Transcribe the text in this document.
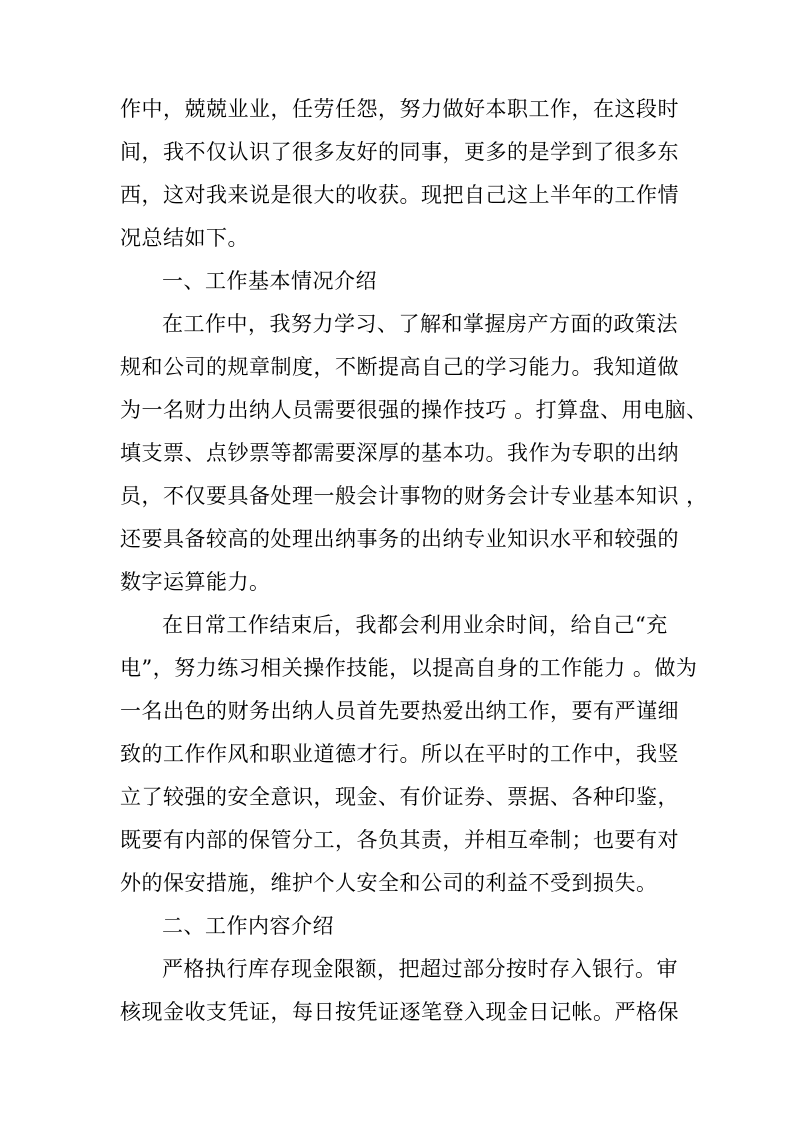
作中，兢兢业业，任劳任怨，努力做好本职工作，在这段时
间，我不仅认识了很多友好的同事，更多的是学到了很多东
西，这对我来说是很大的收获。现把自己这上半年的工作情
况总结如下。
一、工作基本情况介绍
在工作中，我努力学习、了解和掌握房产方面的政策法
规和公司的规章制度，不断提高自己的学习能力。我知道做
为一名财力出纳人员需要很强的操作技巧 。打算盘、用电脑、
填支票、点钞票等都需要深厚的基本功。我作为专职的出纳
员，不仅要具备处理一般会计事物的财务会计专业基本知识 ，
还要具备较高的处理出纳事务的出纳专业知识水平和较强的
数字运算能力。
在日常工作结束后，我都会利用业余时间，给自己“充
电”，努力练习相关操作技能，以提高自身的工作能力 。做为
一名出色的财务出纳人员首先要热爱出纳工作，要有严谨细
致的工作作风和职业道德才行。所以在平时的工作中，我竖
立了较强的安全意识，现金、有价证券、票据、各种印鉴，
既要有内部的保管分工，各负其责，并相互牵制；也要有对
外的保安措施，维护个人安全和公司的利益不受到损失。
二、工作内容介绍
严格执行库存现金限额，把超过部分按时存入银行。审
核现金收支凭证，每日按凭证逐笔登入现金日记帐。严格保
